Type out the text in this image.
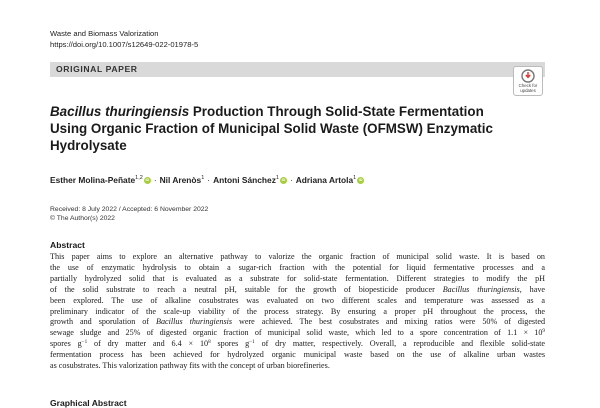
Waste and Biomass Valorization
https://doi.org/10.1007/s12649-022-01978-5
ORIGINAL PAPER
Check for
updates
Bacillus thuringiensis Production Through Solid-State Fermentation
Using Organic Fraction of Municipal Solid Waste (OFMSW) Enzymatic
Hydrolysate
Esther Molina-Peñate$^{1,2}$ iD · Nil Arenòs$^1$ · Antoni Sánchez$^1$ iD · Adriana Artola$^1$iD
Received: 8 July 2022 / Accepted: 6 November 2022
© The Author(s) 2022
Abstract
This paper aims to explore an alternative pathway to valorize the organic fraction of municipal solid waste. It is based on
the use of enzymatic hydrolysis to obtain a sugar-rich fraction with the potential for liquid fermentative processes and a
partially hydrolyzed solid that is evaluated as a substrate for solid-state fermentation. Different strategies to modify the pH
of the solid substrate to reach a neutral pH, suitable for the growth of biopesticide producer Bacillus thuringiensis, have
been explored. The use of alkaline cosubstrates was evaluated on two different scales and temperature was assessed as a
preliminary indicator of the scale-up viability of the process strategy. By ensuring a proper pH throughout the process, the
growth and sporulation of Bacillus thuringiensis were achieved. The best cosubstrates and mixing ratios were 50% of digested
sewage sludge and 25% of digested organic fraction of municipal solid waste, which led to a spore concentration of $1.1 \times 10^9$
spores $g^{-1}$ of dry matter and $6.4 \times 10^8$ spores $g^{-1}$ of dry matter, respectively. Overall, a reproducible and flexible solid-state
fermentation process has been achieved for hydrolyzed organic municipal waste based on the use of alkaline urban wastes
as cosubstrates. This valorization pathway fits with the concept of urban biorefineries.
Graphical Abstract
